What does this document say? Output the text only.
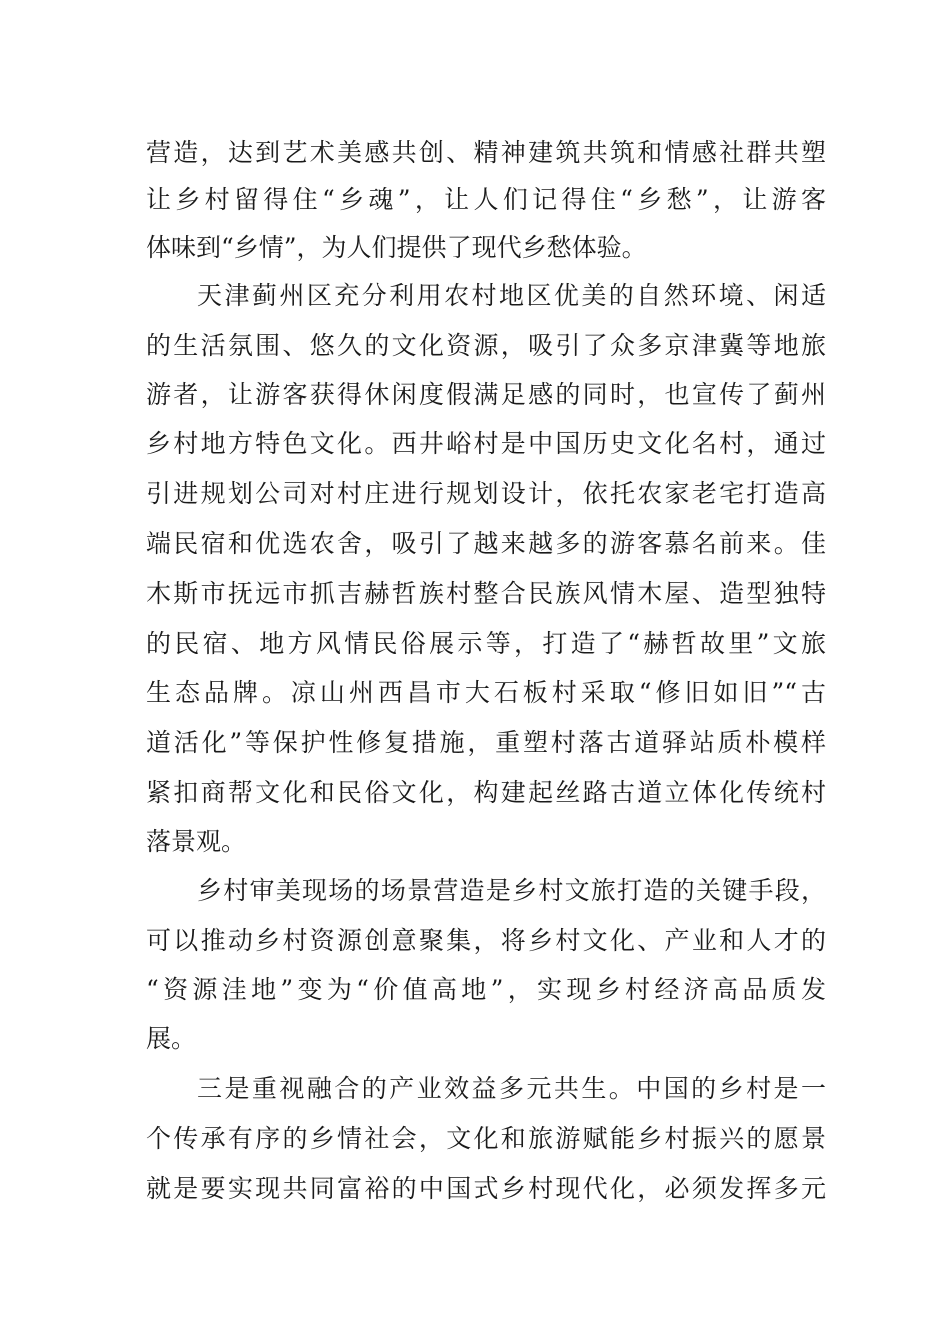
营造，达到艺术美感共创、精神建筑共筑和情感社群共塑
让乡村留得住“乡魂”，让人们记得住“乡愁”，让游客
体味到“乡情”，为人们提供了现代乡愁体验。
天津蓟州区充分利用农村地区优美的自然环境、闲适
的生活氛围、悠久的文化资源，吸引了众多京津冀等地旅
游者，让游客获得休闲度假满足感的同时，也宣传了蓟州
乡村地方特色文化。西井峪村是中国历史文化名村，通过
引进规划公司对村庄进行规划设计，依托农家老宅打造高
端民宿和优选农舍，吸引了越来越多的游客慕名前来。佳
木斯市抚远市抓吉赫哲族村整合民族风情木屋、造型独特
的民宿、地方风情民俗展示等，打造了“赫哲故里”文旅
生态品牌。凉山州西昌市大石板村采取“修旧如旧”“古
道活化”等保护性修复措施，重塑村落古道驿站质朴模样
紧扣商帮文化和民俗文化，构建起丝路古道立体化传统村
落景观。
乡村审美现场的场景营造是乡村文旅打造的关键手段，
可以推动乡村资源创意聚集，将乡村文化、产业和人才的
“资源洼地”变为“价值高地”，实现乡村经济高品质发
展。
三是重视融合的产业效益多元共生。中国的乡村是一
个传承有序的乡情社会，文化和旅游赋能乡村振兴的愿景
就是要实现共同富裕的中国式乡村现代化，必须发挥多元
